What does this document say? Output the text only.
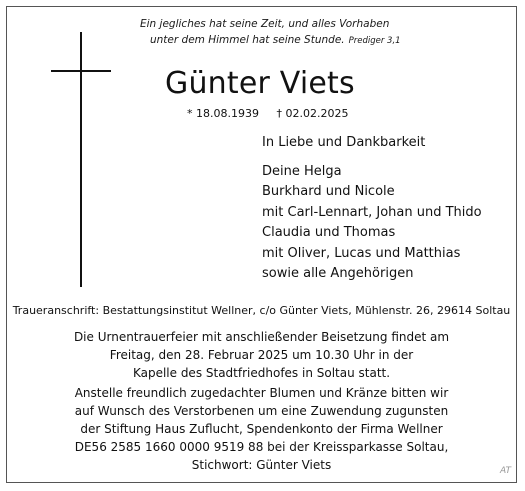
Ein jegliches hat seine Zeit, und alles Vorhaben
unter dem Himmel hat seine Stunde. Prediger 3,1
Günter Viets
* 18.08.1939 † 02.02.2025
In Liebe und Dankbarkeit
Deine Helga
Burkhard und Nicole
mit Carl-Lennart, Johan und Thido
Claudia und Thomas
mit Oliver, Lucas und Matthias
sowie alle Angehörigen
Traueranschrift: Bestattungsinstitut Wellner, c/o Günter Viets, Mühlenstr. 26, 29614 Soltau
Die Urnentrauerfeier mit anschließender Beisetzung findet am
Freitag, den 28. Februar 2025 um 10.30 Uhr in der
Kapelle des Stadtfriedhofes in Soltau statt.
Anstelle freundlich zugedachter Blumen und Kränze bitten wir
auf Wunsch des Verstorbenen um eine Zuwendung zugunsten
der Stiftung Haus Zuflucht, Spendenkonto der Firma Wellner
DE56 2585 1660 0000 9519 88 bei der Kreissparkasse Soltau,
Stichwort: Günter Viets	AT
